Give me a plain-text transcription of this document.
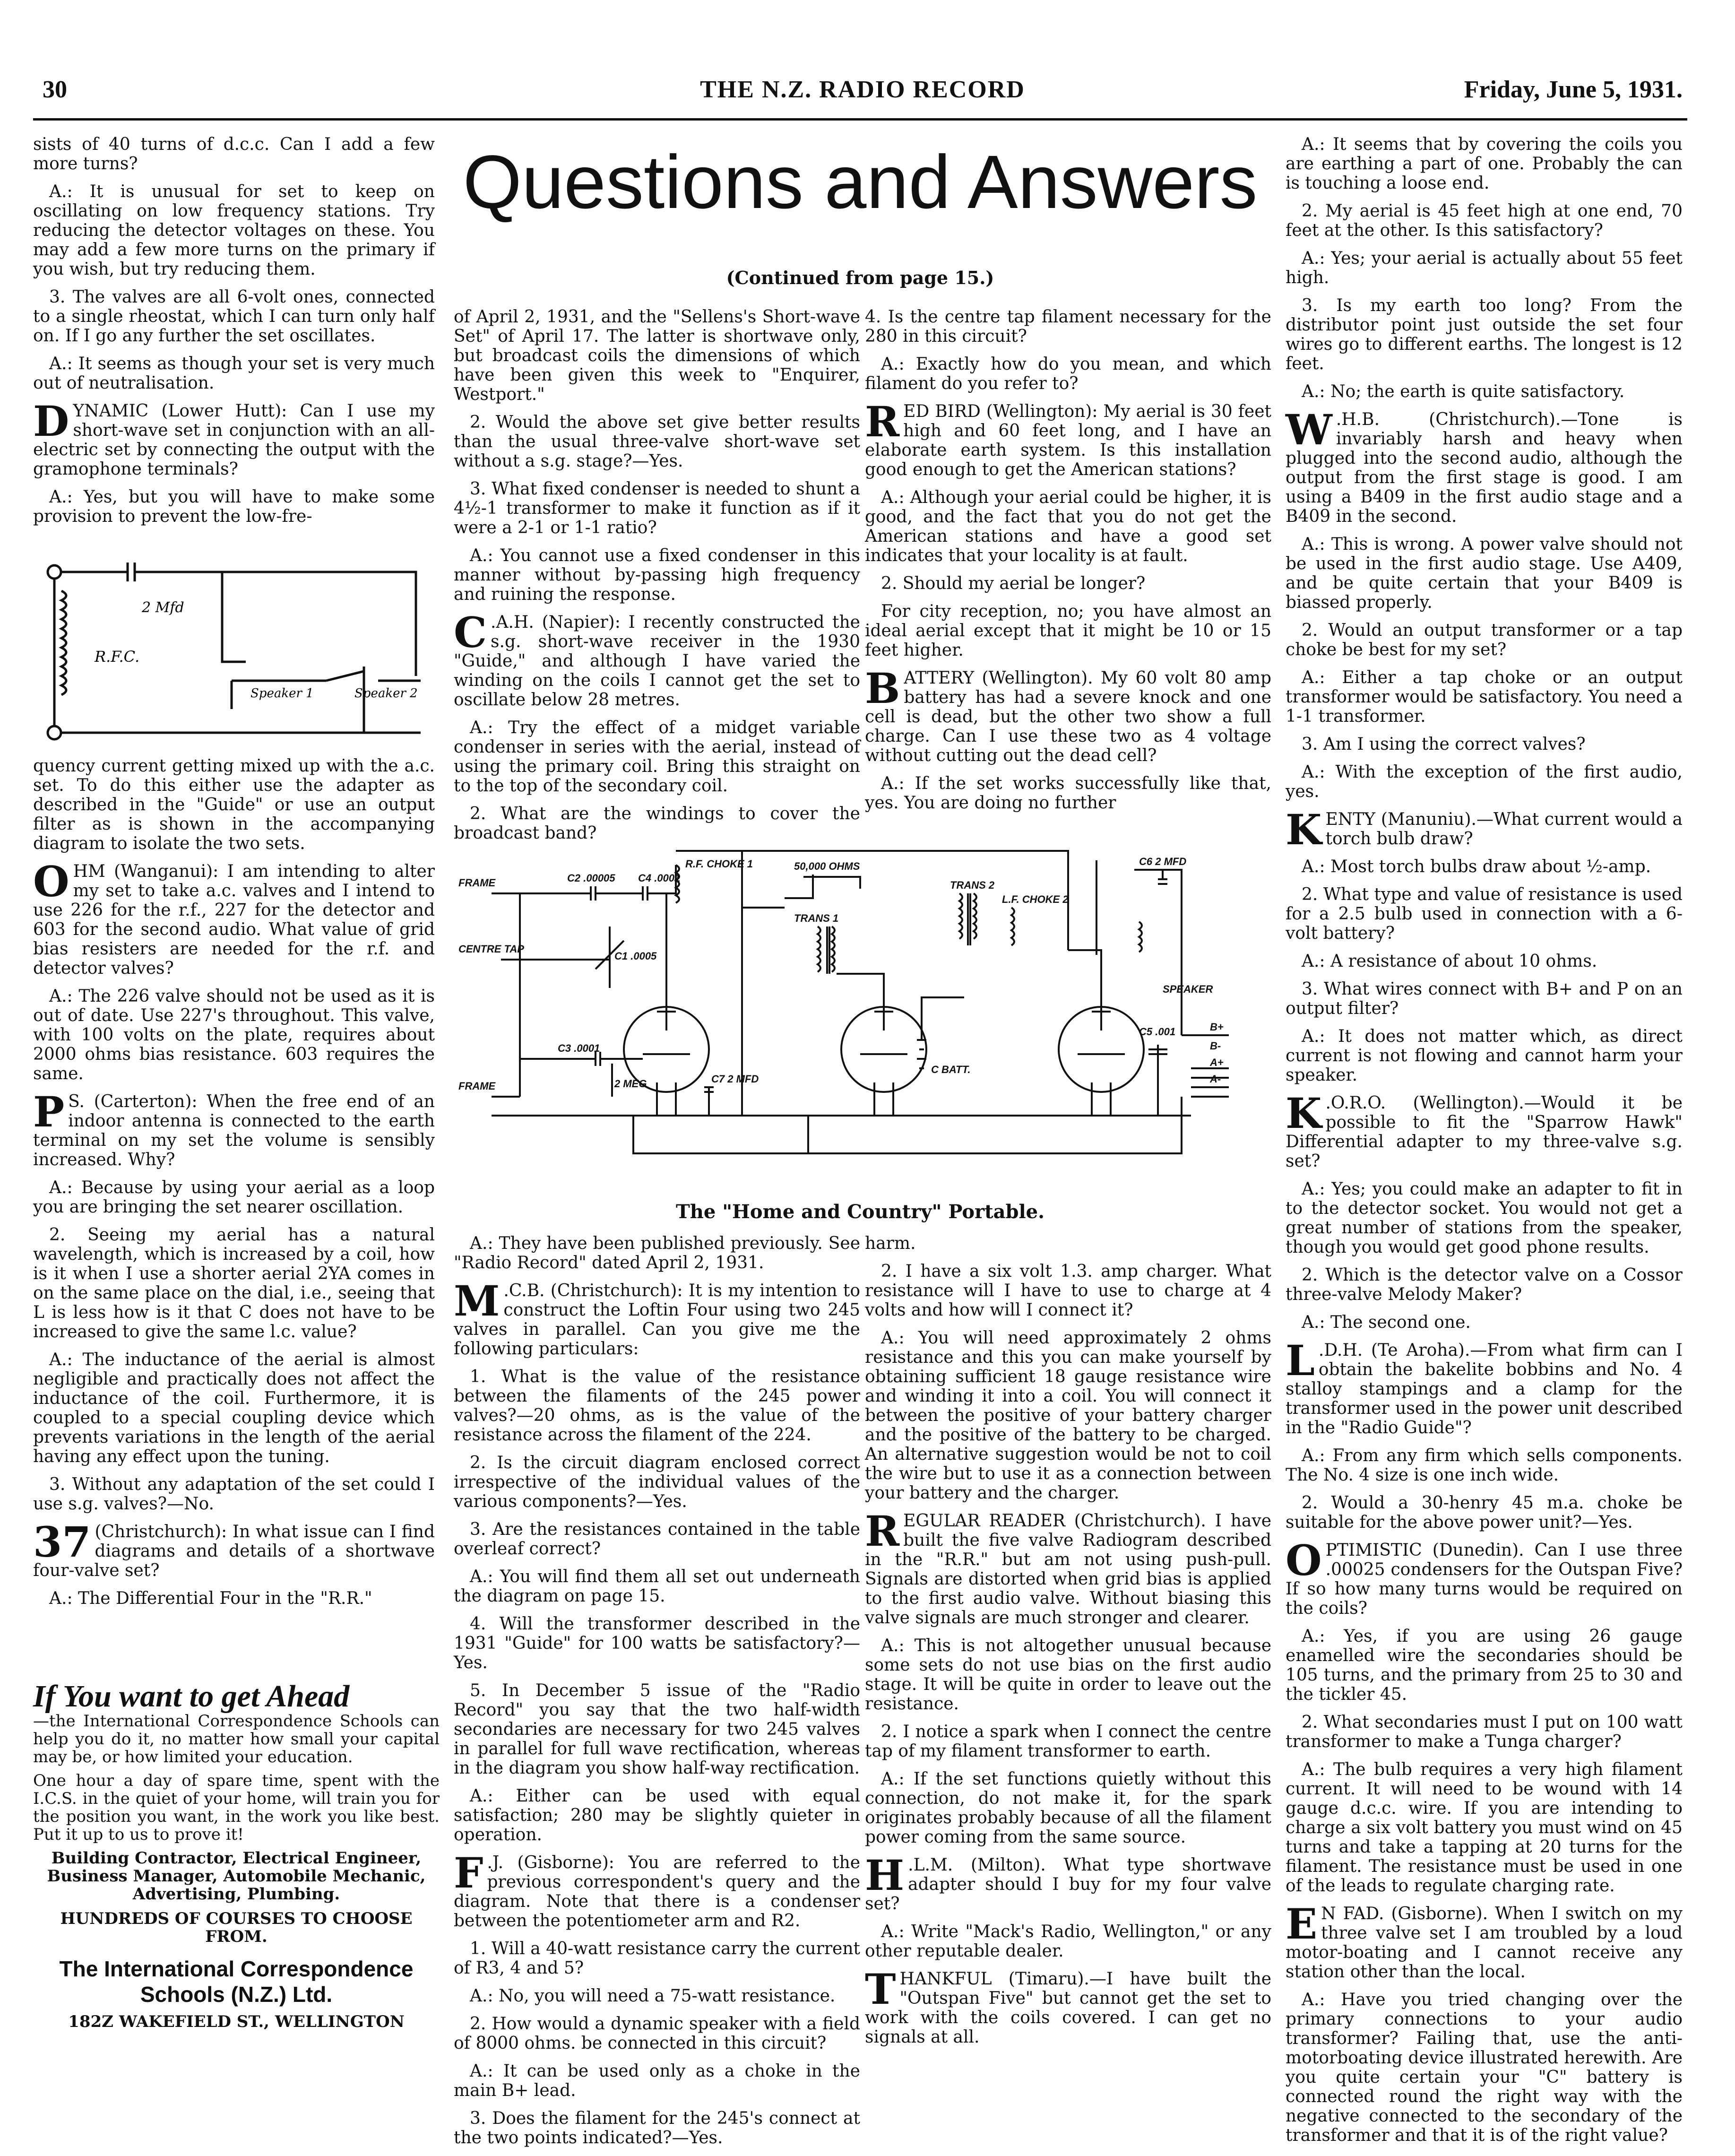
30	THE N.Z. RADIO RECORD	Friday, June 5, 1931.
Questions and Answers
(Continued from page 15.)

sists of 40 turns of d.c.c. Can I add a few more turns?

A.: It is unusual for set to keep on oscillating on low frequency stations. Try reducing the detector voltages on these. You may add a few more turns on the primary if you wish, but try reducing them.

3. The valves are all 6-volt ones, connected to a single rheostat, which I can turn only half on. If I go any further the set oscillates.

A.: It seems as though your set is very much out of neutralisation.

DYNAMIC (Lower Hutt): Can I use my short-wave set in conjunction with an all-electric set by connecting the output with the gramophone terminals?

A.: Yes, but you will have to make some provision to prevent the low-fre-

2 Mfd
R.F.C.
Speaker 1	Speaker 2

quency current getting mixed up with the a.c. set. To do this either use the adapter as described in the "Guide" or use an output filter as is shown in the accompanying diagram to isolate the two sets.

OHM (Wanganui): I am intending to alter my set to take a.c. valves and I intend to use 226 for the r.f., 227 for the detector and 603 for the second audio. What value of grid bias resisters are needed for the r.f. and detector valves?

A.: The 226 valve should not be used as it is out of date. Use 227's throughout. This valve, with 100 volts on the plate, requires about 2000 ohms bias resistance. 603 requires the same.

P S. (Carterton): When the free end of an indoor antenna is connected to the earth terminal on my set the volume is sensibly increased. Why?

A.: Because by using your aerial as a loop you are bringing the set nearer oscillation.

2. Seeing my aerial has a natural wavelength, which is increased by a coil, how is it when I use a shorter aerial 2YA comes in on the same place on the dial, i.e., seeing that L is less how is it that C does not have to be increased to give the same l.c. value?

A.: The inductance of the aerial is almost negligible and practically does not affect the inductance of the coil. Furthermore, it is coupled to a special coupling device which prevents variations in the length of the aerial having any effect upon the tuning.

3. Without any adaptation of the set could I use s.g. valves?—No.

37 (Christchurch): In what issue can I find diagrams and details of a shortwave four-valve set?

A.: The Differential Four in the "R.R."

If You want to get Ahead

—the International Correspondence Schools can help you do it, no matter how small your capital may be, or how limited your education.

One hour a day of spare time, spent with the I.C.S. in the quiet of your home, will train you for the position you want, in the work you like best. Put it up to us to prove it!

Building Contractor, Electrical Engineer, Business Manager, Automobile Mechanic, Advertising, Plumbing.
HUNDREDS OF COURSES TO CHOOSE FROM.
The International Correspondence Schools (N.Z.) Ltd.
182Z WAKEFIELD ST., WELLINGTON

of April 2, 1931, and the "Sellens's Short-wave Set" of April 17. The latter is shortwave only, but broadcast coils the dimensions of which have been given this week to "Enquirer, Westport."

2. Would the above set give better results than the usual three-valve short-wave set without a s.g. stage?—Yes.

3. What fixed condenser is needed to shunt a 4½-1 transformer to make it function as if it were a 2-1 or 1-1 ratio?

A.: You cannot use a fixed condenser in this manner without by-passing high frequency and ruining the response.

C .A.H. (Napier): I recently constructed the s.g. short-wave receiver in the 1930 "Guide," and although I have varied the winding on the coils I cannot get the set to oscillate below 28 metres.

A.: Try the effect of a midget variable condenser in series with the aerial, instead of using the primary coil. Bring this straight on to the top of the secondary coil.

2. What are the windings to cover the broadcast band?

4. Is the centre tap filament necessary for the 280 in this circuit?

A.: Exactly how do you mean, and which filament do you refer to?

RED BIRD (Wellington): My aerial is 30 feet high and 60 feet long, and I have an elaborate earth system. Is this installation good enough to get the American stations?

A.: Although your aerial could be higher, it is good, and the fact that you do not get the American stations and have a good set indicates that your locality is at fault.

2. Should my aerial be longer?

For city reception, no; you have almost an ideal aerial except that it might be 10 or 15 feet higher.

BATTERY (Wellington). My 60 volt 80 amp battery has had a severe knock and one cell is dead, but the other two show a full charge. Can I use these two as 4 voltage without cutting out the dead cell?

A.: If the set works successfully like that, yes. You are doing no further

A.: It seems that by covering the coils you are earthing a part of one. Probably the can is touching a loose end.

2. My aerial is 45 feet high at one end, 70 feet at the other. Is this satisfactory?

A.: Yes; your aerial is actually about 55 feet high.

3. Is my earth too long? From the distributor point just outside the set four wires go to different earths. The longest is 12 feet.

A.: No; the earth is quite satisfactory.

W .H.B. (Christchurch).—Tone is invariably harsh and heavy when plugged into the second audio, although the output from the first stage is good. I am using a B409 in the first audio stage and a B409 in the second.

A.: This is wrong. A power valve should not be used in the first audio stage. Use A409, and be quite certain that your B409 is biassed properly.

2. Would an output transformer or a tap choke be best for my set?

A.: Either a tap choke or an output transformer would be satisfactory. You need a 1-1 transformer.

3. Am I using the correct valves?

A.: With the exception of the first audio, yes.

KENTY (Manuniu).—What current would a torch bulb draw?

A.: Most torch bulbs draw about ½-amp.

2. What type and value of resistance is used for a 2.5 bulb used in connection with a 6-volt battery?

A.: A resistance of about 10 ohms.

3. What wires connect with B+ and P on an output filter?

A.: It does not matter which, as direct current is not flowing and cannot harm your speaker.

K .O.R.O. (Wellington).—Would it be possible to fit the "Sparrow Hawk" Differential adapter to my three-valve s.g. set?

A.: Yes; you could make an adapter to fit in to the detector socket. You would not get a great number of stations from the speaker, though you would get good phone results.

2. Which is the detector valve on a Cossor three-valve Melody Maker?

A.: The second one.

L .D.H. (Te Aroha).—From what firm can I obtain the bakelite bobbins and No. 4 stalloy stampings and a clamp for the transformer used in the power unit described in the "Radio Guide"?

A.: From any firm which sells components. The No. 4 size is one inch wide.

2. Would a 30-henry 45 m.a. choke be suitable for the above power unit?—Yes.

OPTIMISTIC (Dunedin). Can I use three .00025 condensers for the Outspan Five? If so how many turns would be required on the coils?

A.: Yes, if you are using 26 gauge enamelled wire the secondaries should be 105 turns, and the primary from 25 to 30 and the tickler 45.

2. What secondaries must I put on 100 watt transformer to make a Tunga charger?

A.: The bulb requires a very high filament current. It will need to be wound with 14 gauge d.c.c. wire. If you are intending to charge a six volt battery you must wind on 45 turns and take a tapping at 20 turns for the filament. The resistance must be used in one of the leads to regulate charging rate.

E N FAD. (Gisborne). When I switch on my three valve set I am troubled by a loud motor-boating and I cannot receive any station other than the local.

A.: Have you tried changing over the primary connections to your audio transformer? Failing that, use the anti-motorboating device illustrated herewith. Are you quite certain your "C" battery is connected round the right way with the negative connected to the secondary of the transformer and that it is of the right value?

FRAME
CENTRE TAP
FRAME
C1 .0005
C2 .00005
C3 .0001
C4 .0001
C5 .001
C6 2 MFD
C7 2 MFD
R.F. CHOKE 1	50,000 OHMS
TRANS 1
TRANS 2
L.F. CHOKE 2
2 MEG
C BATT.
SPEAKER
B+
B-
A+
A-
The "Home and Country" Portable.

A.: They have been published previously. See "Radio Record" dated April 2, 1931.

M .C.B. (Christchurch): It is my intention to construct the Loftin Four using two 245 valves in parallel. Can you give me the following particulars:

1. What is the value of the resistance between the filaments of the 245 power valves?—20 ohms, as is the value of the resistance across the filament of the 224.

2. Is the circuit diagram enclosed correct irrespective of the individual values of the various components?—Yes.

3. Are the resistances contained in the table overleaf correct?

A.: You will find them all set out underneath the diagram on page 15.

4. Will the transformer described in the 1931 "Guide" for 100 watts be satisfactory?—Yes.

5. In December 5 issue of the "Radio Record" you say that the two half-width secondaries are necessary for two 245 valves in parallel for full wave rectification, whereas in the diagram you show half-way rectification.

A.: Either can be used with equal satisfaction; 280 may be slightly quieter in operation.

F .J. (Gisborne): You are referred to the previous correspondent's query and the diagram. Note that there is a condenser between the potentiometer arm and R2.

1. Will a 40-watt resistance carry the current of R3, 4 and 5?

A.: No, you will need a 75-watt resistance.

2. How would a dynamic speaker with a field of 8000 ohms. be connected in this circuit?

A.: It can be used only as a choke in the main B+ lead.

3. Does the filament for the 245's connect at the two points indicated?—Yes.

harm.

2. I have a six volt 1.3. amp charger. What resistance will I have to use to charge at 4 volts and how will I connect it?

A.: You will need approximately 2 ohms resistance and this you can make yourself by obtaining sufficient 18 gauge resistance wire and winding it into a coil. You will connect it between the positive of your battery charger and the positive of the battery to be charged. An alternative suggestion would be not to coil the wire but to use it as a connection between your battery and the charger.

REGULAR READER (Christchurch). I have built the five valve Radiogram described in the "R.R." but am not using push-pull. Signals are distorted when grid bias is applied to the first audio valve. Without biasing this valve signals are much stronger and clearer.

A.: This is not altogether unusual because some sets do not use bias on the first audio stage. It will be quite in order to leave out the resistance.

2. I notice a spark when I connect the centre tap of my filament transformer to earth.

A.: If the set functions quietly without this connection, do not make it, for the spark originates probably because of all the filament power coming from the same source.

H .L.M. (Milton). What type shortwave adapter should I buy for my four valve set?

A.: Write "Mack's Radio, Wellington," or any other reputable dealer.

THANKFUL (Timaru).—I have built the "Outspan Five" but cannot get the set to work with the coils covered. I can get no signals at all.
